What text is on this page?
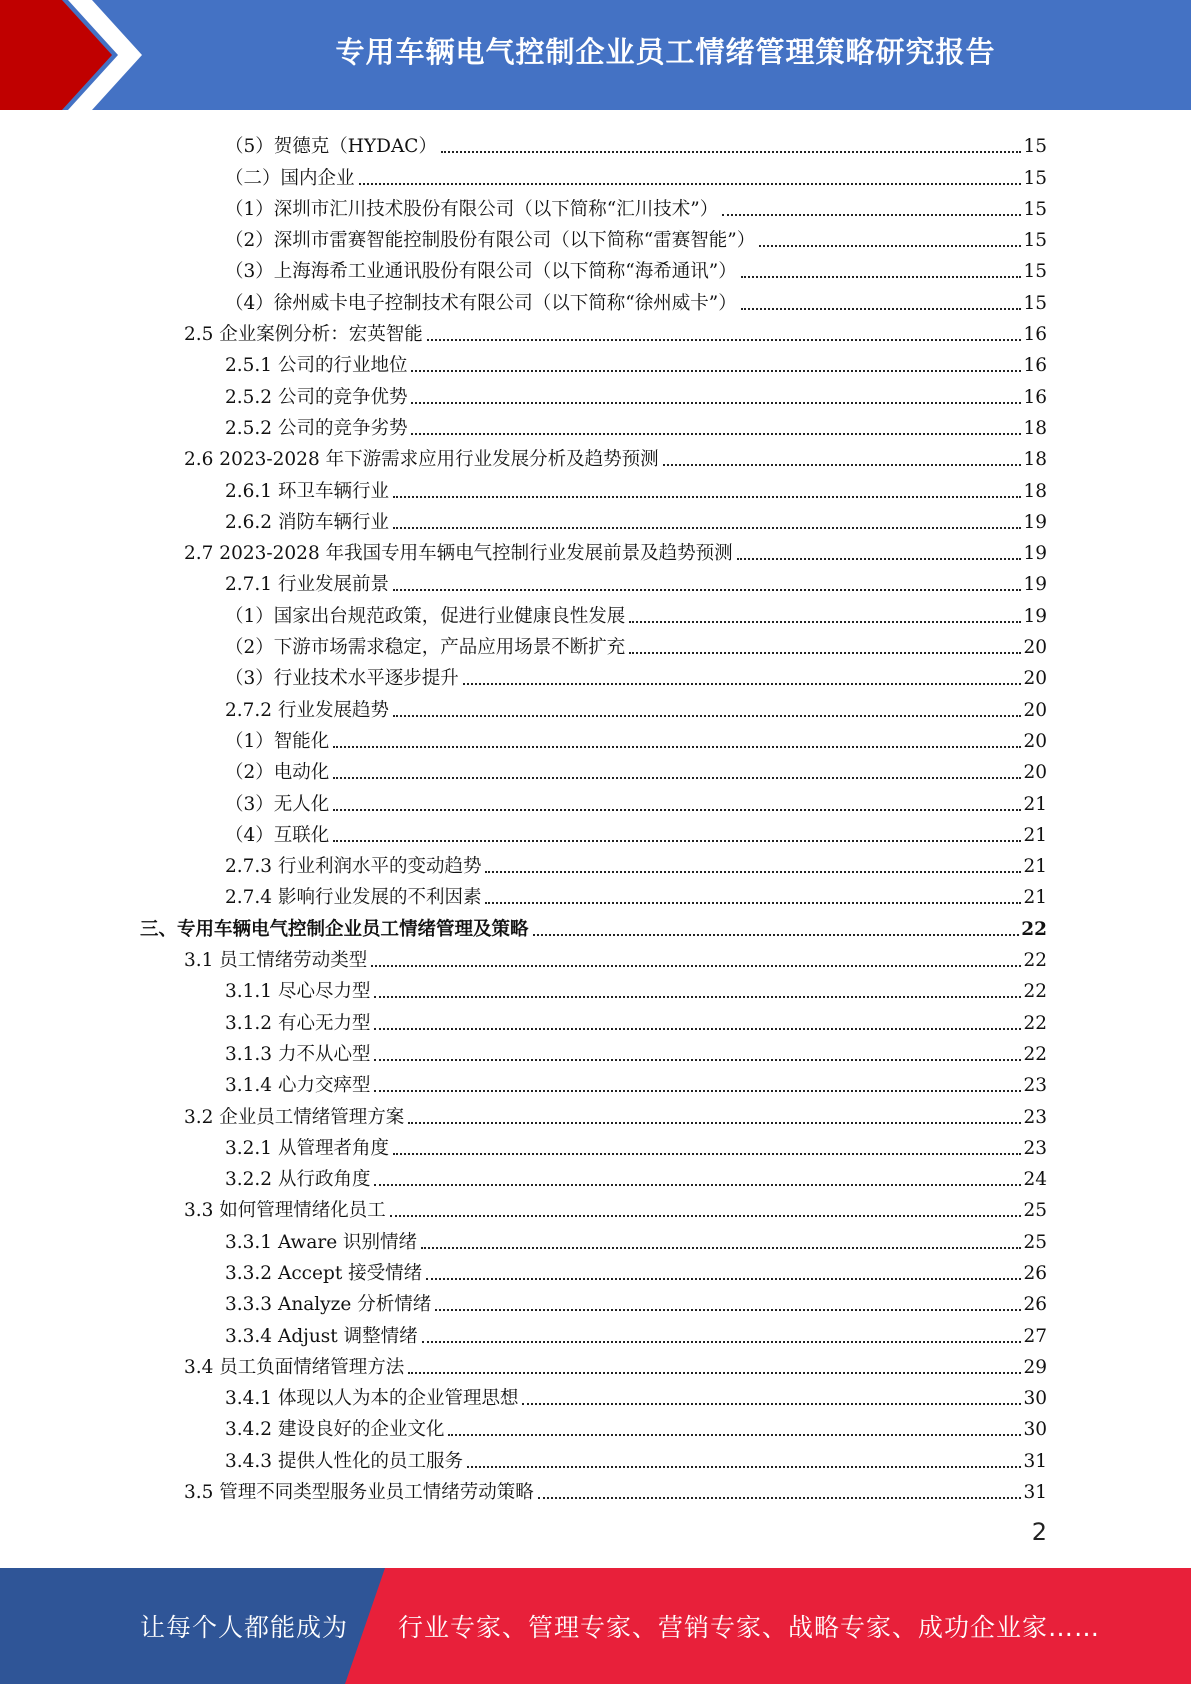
专用车辆电气控制企业员工情绪管理策略研究报告
（5）贺德克（HYDAC）	15
（二）国内企业	15
（1）深圳市汇川技术股份有限公司（以下简称“汇川技术”）	15
（2）深圳市雷赛智能控制股份有限公司（以下简称“雷赛智能”）	15
（3）上海海希工业通讯股份有限公司（以下简称“海希通讯”）	15
（4）徐州威卡电子控制技术有限公司（以下简称“徐州威卡”）	15
2.5 企业案例分析：宏英智能	16
2.5.1 公司的行业地位	16
2.5.2 公司的竞争优势	16
2.5.2 公司的竞争劣势	18
2.6 2023-2028 年下游需求应用行业发展分析及趋势预测	18
2.6.1 环卫车辆行业	18
2.6.2 消防车辆行业	19
2.7 2023-2028 年我国专用车辆电气控制行业发展前景及趋势预测	19
2.7.1 行业发展前景	19
（1）国家出台规范政策，促进行业健康良性发展	19
（2）下游市场需求稳定，产品应用场景不断扩充	20
（3）行业技术水平逐步提升	20
2.7.2 行业发展趋势	20
（1）智能化	20
（2）电动化	20
（3）无人化	21
（4）互联化	21
2.7.3 行业利润水平的变动趋势	21
2.7.4 影响行业发展的不利因素	21
三、专用车辆电气控制企业员工情绪管理及策略	22
3.1 员工情绪劳动类型	22
3.1.1 尽心尽力型	22
3.1.2 有心无力型	22
3.1.3 力不从心型	22
3.1.4 心力交瘁型	23
3.2 企业员工情绪管理方案	23
3.2.1 从管理者角度	23
3.2.2 从行政角度	24
3.3 如何管理情绪化员工	25
3.3.1 Aware 识别情绪	25
3.3.2 Accept 接受情绪	26
3.3.3 Analyze 分析情绪	26
3.3.4 Adjust 调整情绪	27
3.4 员工负面情绪管理方法	29
3.4.1 体现以人为本的企业管理思想	30
3.4.2 建设良好的企业文化	30
3.4.3 提供人性化的员工服务	31
3.5 管理不同类型服务业员工情绪劳动策略	31
2
让每个人都能成为 行业专家、管理专家、营销专家、战略专家、成功企业家……
